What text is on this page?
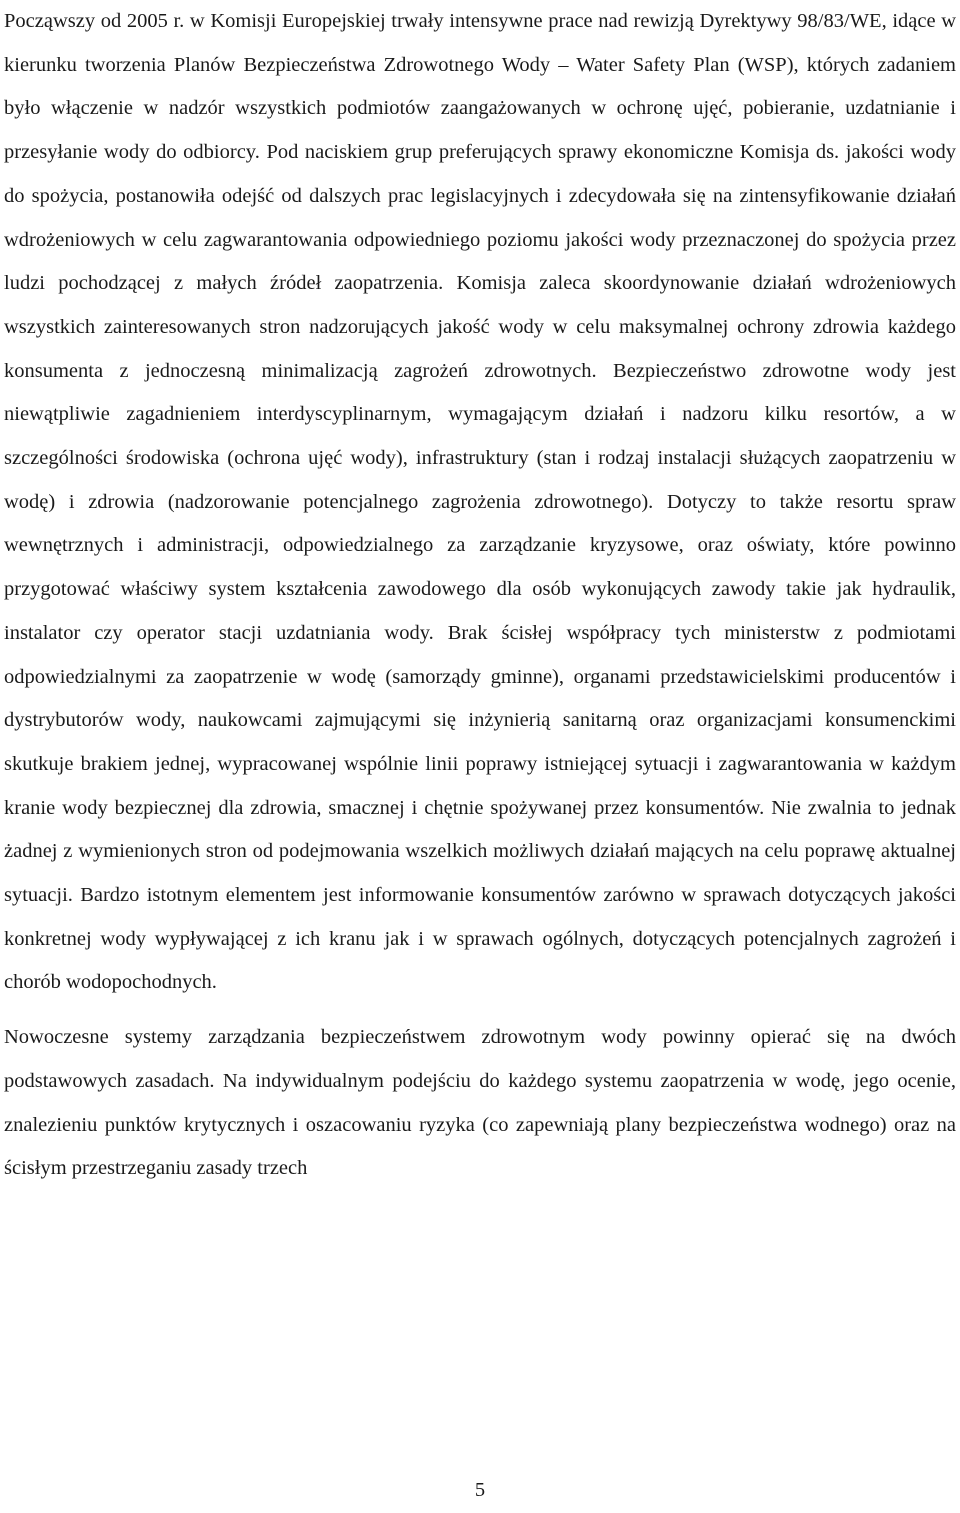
Począwszy od 2005 r. w Komisji Europejskiej trwały intensywne prace nad rewizją Dyrektywy 98/83/WE, idące w kierunku tworzenia Planów Bezpieczeństwa Zdrowotnego Wody – Water Safety Plan (WSP), których zadaniem było włączenie w nadzór wszystkich podmiotów zaangażowanych w ochronę ujęć, pobieranie, uzdatnianie i przesyłanie wody do odbiorcy. Pod naciskiem grup preferujących sprawy ekonomiczne Komisja ds. jakości wody do spożycia, postanowiła odejść od dalszych prac legislacyjnych i zdecydowała się na zintensyfikowanie działań wdrożeniowych w celu zagwarantowania odpowiedniego poziomu jakości wody przeznaczonej do spożycia przez ludzi pochodzącej z małych źródeł zaopatrzenia. Komisja zaleca skoordynowanie działań wdrożeniowych wszystkich zainteresowanych stron nadzorujących jakość wody w celu maksymalnej ochrony zdrowia każdego konsumenta z jednoczesną minimalizacją zagrożeń zdrowotnych. Bezpieczeństwo zdrowotne wody jest niewątpliwie zagadnieniem interdyscyplinarnym, wymagającym działań i nadzoru kilku resortów, a w szczególności środowiska (ochrona ujęć wody), infrastruktury (stan i rodzaj instalacji służących zaopatrzeniu w wodę) i zdrowia (nadzorowanie potencjalnego zagrożenia zdrowotnego). Dotyczy to także resortu spraw wewnętrznych i administracji, odpowiedzialnego za zarządzanie kryzysowe, oraz oświaty, które powinno przygotować właściwy system kształcenia zawodowego dla osób wykonujących zawody takie jak hydraulik, instalator czy operator stacji uzdatniania wody. Brak ścisłej współpracy tych ministerstw z podmiotami odpowiedzialnymi za zaopatrzenie w wodę (samorządy gminne), organami przedstawicielskimi producentów i dystrybutorów wody, naukowcami zajmującymi się inżynierią sanitarną oraz organizacjami konsumenckimi skutkuje brakiem jednej, wypracowanej wspólnie linii poprawy istniejącej sytuacji i zagwarantowania w każdym kranie wody bezpiecznej dla zdrowia, smacznej i chętnie spożywanej przez konsumentów. Nie zwalnia to jednak żadnej z wymienionych stron od podejmowania wszelkich możliwych działań mających na celu poprawę aktualnej sytuacji. Bardzo istotnym elementem jest informowanie konsumentów zarówno w sprawach dotyczących jakości konkretnej wody wypływającej z ich kranu jak i w sprawach ogólnych, dotyczących potencjalnych zagrożeń i chorób wodopochodnych.

Nowoczesne systemy zarządzania bezpieczeństwem zdrowotnym wody powinny opierać się na dwóch podstawowych zasadach. Na indywidualnym podejściu do każdego systemu zaopatrzenia w wodę, jego ocenie, znalezieniu punktów krytycznych i oszacowaniu ryzyka (co zapewniają plany bezpieczeństwa wodnego) oraz na ścisłym przestrzeganiu zasady trzech

5
